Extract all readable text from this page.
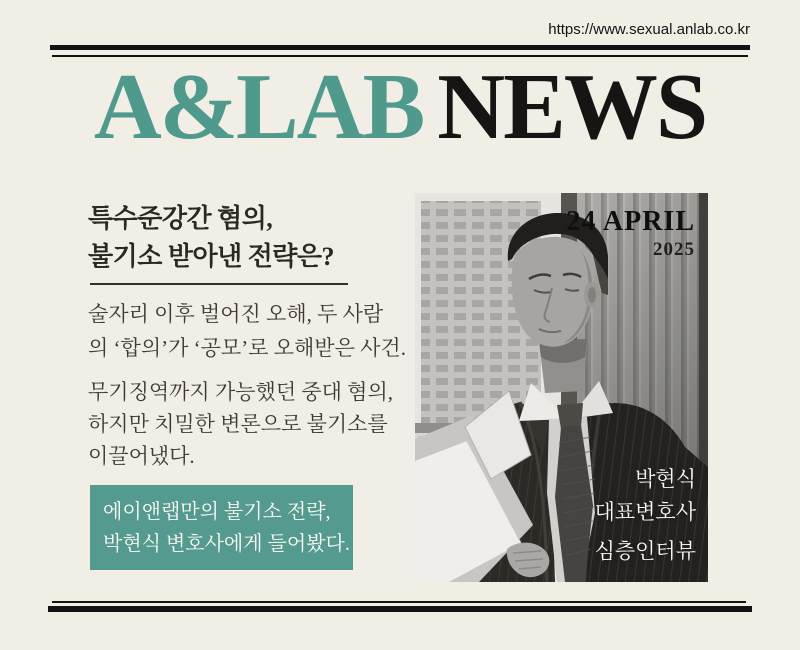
https://www.sexual.anlab.co.kr
A&LAB NEWS
특수준강간 혐의,
불기소 받아낸 전략은?
술자리 이후 벌어진 오해, 두 사람
의 ‘합의’가 ‘공모’로 오해받은 사건.
무기징역까지 가능했던 중대 혐의,
하지만 치밀한 변론으로 불기소를
이끌어냈다.
에이앤랩만의 불기소 전략,
박현식 변호사에게 들어봤다.
24 APRIL
2025
박현식
대표변호사
심층인터뷰
